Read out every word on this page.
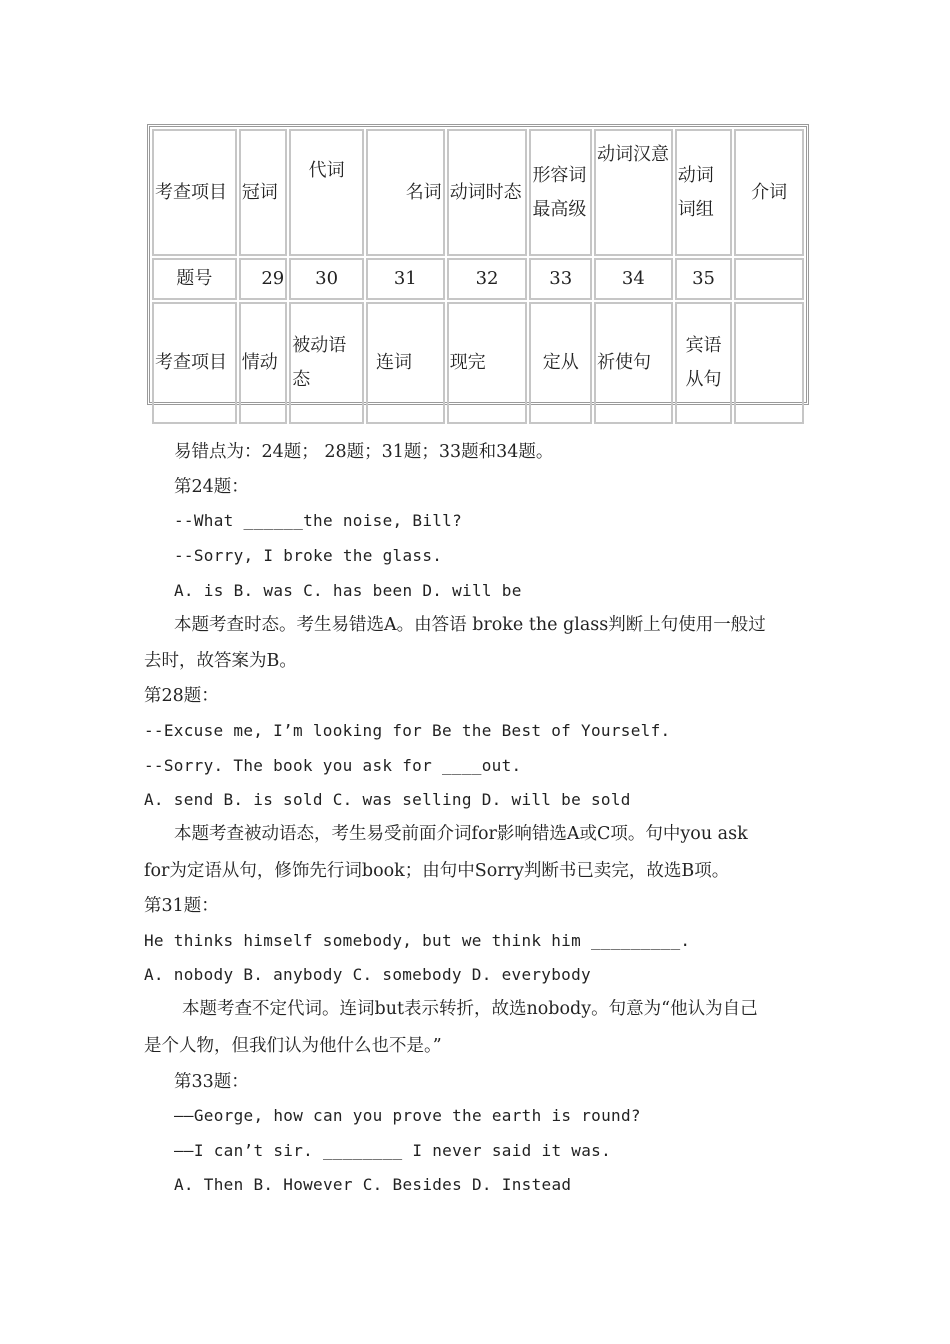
考查项目	冠词	代词	名词	动词时态	形容词最高级	动词汉意	动词词组	介词
题号	29	30	31	32	33	34	35	
考查项目	情动	被动语态	连词	现完	定从	祈使句	宾语从句	
易错点为：24题； 28题；31题；33题和34题。
第24题：
--What ______the noise, Bill?
--Sorry, I broke the glass.
A. is B. was C. has been D. will be
本题考查时态。考生易错选A。由答语 broke the glass判断上句使用一般过
去时，故答案为B。
第28题：
--Excuse me, I’m looking for Be the Best of Yourself.
--Sorry. The book you ask for ____out.
A. send B. is sold C. was selling D. will be sold
本题考查被动语态，考生易受前面介词for影响错选A或C项。句中you ask
for为定语从句，修饰先行词book；由句中Sorry判断书已卖完，故选B项。
第31题：
He thinks himself somebody, but we think him _________.
A. nobody B. anybody C. somebody D. everybody
本题考查不定代词。连词but表示转折，故选nobody。句意为“他认为自己
是个人物，但我们认为他什么也不是。”
第33题：
——George, how can you prove the earth is round?
——I can’t sir. ________ I never said it was.
A. Then B. However C. Besides D. Instead
